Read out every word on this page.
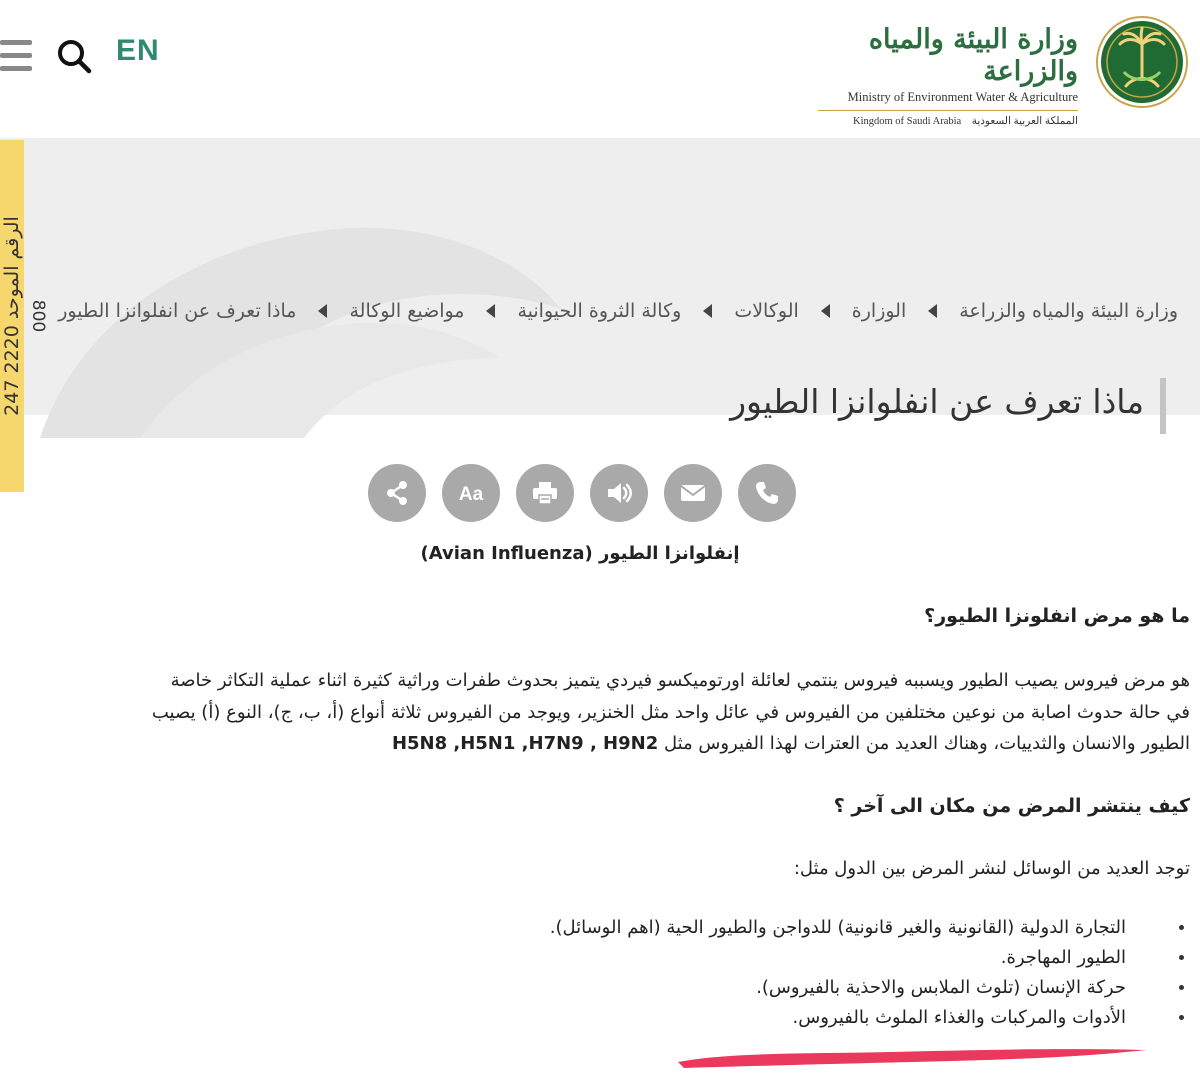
EN	وزارة البيئة والمياه والزراعة
Ministry of Environment Water & Agriculture
Kingdom of Saudi Arabia المملكة العربية السعودية
800	وزارة البيئة والمياه والزراعة
الوزارة
الوكالات
وكالة الثروة الحيوانية
مواضيع الوكالة
ماذا تعرف عن انفلوانزا الطيور
ماذا تعرف عن انفلوانزا الطيور
Aa
الرقم الموحد 2220 247
إنفلوانزا الطيور (Avian Influenza)
ما هو مرض انفلونزا الطيور؟
هو مرض فيروس يصيب الطيور ويسببه فيروس ينتمي لعائلة اورتوميكسو فيردي يتميز بحدوث طفرات وراثية كثيرة اثناء عملية التكاثر خاصة
في حالة حدوث اصابة من نوعين مختلفين من الفيروس في عائل واحد مثل الخنزير، ويوجد من الفيروس ثلاثة أنواع (أ، ب، ج)، النوع (أ) يصيب
الطيور والانسان والثدييات، وهناك العديد من العترات لهذا الفيروس مثل H5N8 ,H5N1 ,H7N9 , H9N2
كيف ينتشر المرض من مكان الى آخر ؟
توجد العديد من الوسائل لنشر المرض بين الدول مثل:
التجارة الدولية (القانونية والغير قانونية) للدواجن والطيور الحية (اهم الوسائل).
الطيور المهاجرة.
حركة الإنسان (تلوث الملابس والاحذية بالفيروس).
الأدوات والمركبات والغذاء الملوث بالفيروس.
